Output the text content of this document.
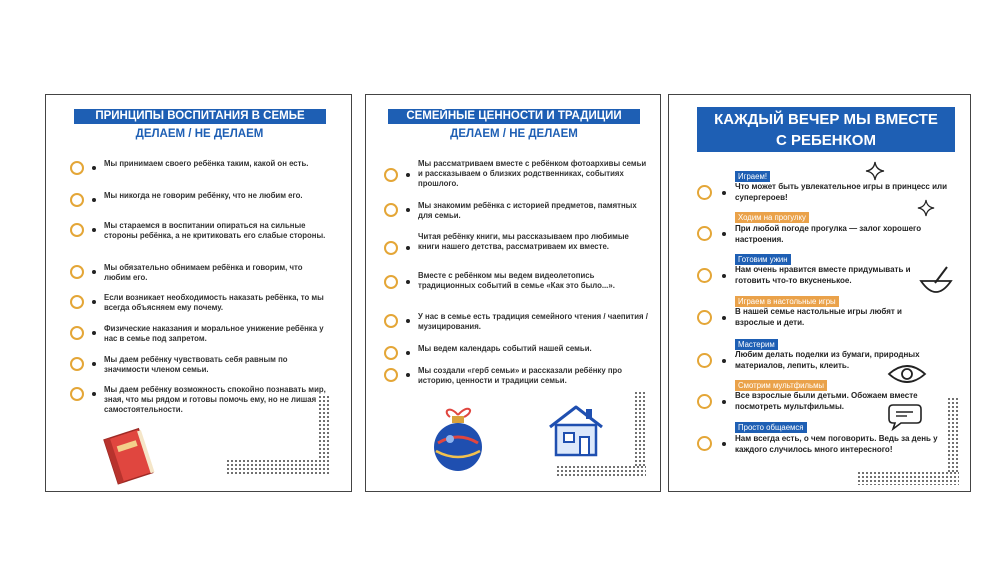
ПРИНЦИПЫ ВОСПИТАНИЯ В СЕМЬЕ
ДЕЛАЕМ / НЕ ДЕЛАЕМ
Мы принимаем своего ребёнка таким, какой он есть.
Мы никогда не говорим ребёнку, что не любим его.
Мы стараемся в воспитании опираться на сильные стороны ребёнка, а не критиковать его слабые стороны.
Мы обязательно обнимаем ребёнка и говорим, что любим его.
Если возникает необходимость наказать ребёнка, то мы всегда объясняем ему почему.
Физические наказания и моральное унижение ребёнка у нас в семье под запретом.
Мы даем ребёнку чувствовать себя равным по значимости членом семьи.
Мы даем ребёнку возможность спокойно познавать мир, зная, что мы рядом и готовы помочь ему, но не лишая самостоятельности.
СЕМЕЙНЫЕ ЦЕННОСТИ И ТРАДИЦИИ
ДЕЛАЕМ / НЕ ДЕЛАЕМ
Мы рассматриваем вместе с ребёнком фотоархивы семьи и рассказываем о близких родственниках, событиях прошлого.
Мы знакомим ребёнка с историей предметов, памятных для семьи.
Читая ребёнку книги, мы рассказываем про любимые книги нашего детства, рассматриваем их вместе.
Вместе с ребёнком мы ведем видеолетопись традиционных событий в семье «Как это было...».
У нас в семье есть традиция семейного чтения / чаепития / музицирования.
Мы ведем календарь событий нашей семьи.
Мы создали «герб семьи» и рассказали ребёнку про историю, ценности и традиции семьи.
КАЖДЫЙ ВЕЧЕР МЫ ВМЕСТЕ
С РЕБЕНКОМ
Играем!
Что может быть увлекательное игры в принцесс или супергероев!
Ходим на прогулку
При любой погоде прогулка — залог хорошего настроения.
Готовим ужин
Нам очень нравится вместе придумывать и готовить что-то вкусненькое.
Играем в настольные игры
В нашей семье настольные игры любят и взрослые и дети.
Мастерим
Любим делать поделки из бумаги, природных материалов, лепить, клеить.
Смотрим мультфильмы
Все взрослые были детьми. Обожаем вместе посмотреть мультфильмы.
Просто общаемся
Нам всегда есть, о чем поговорить. Ведь за день у каждого случилось много интересного!
